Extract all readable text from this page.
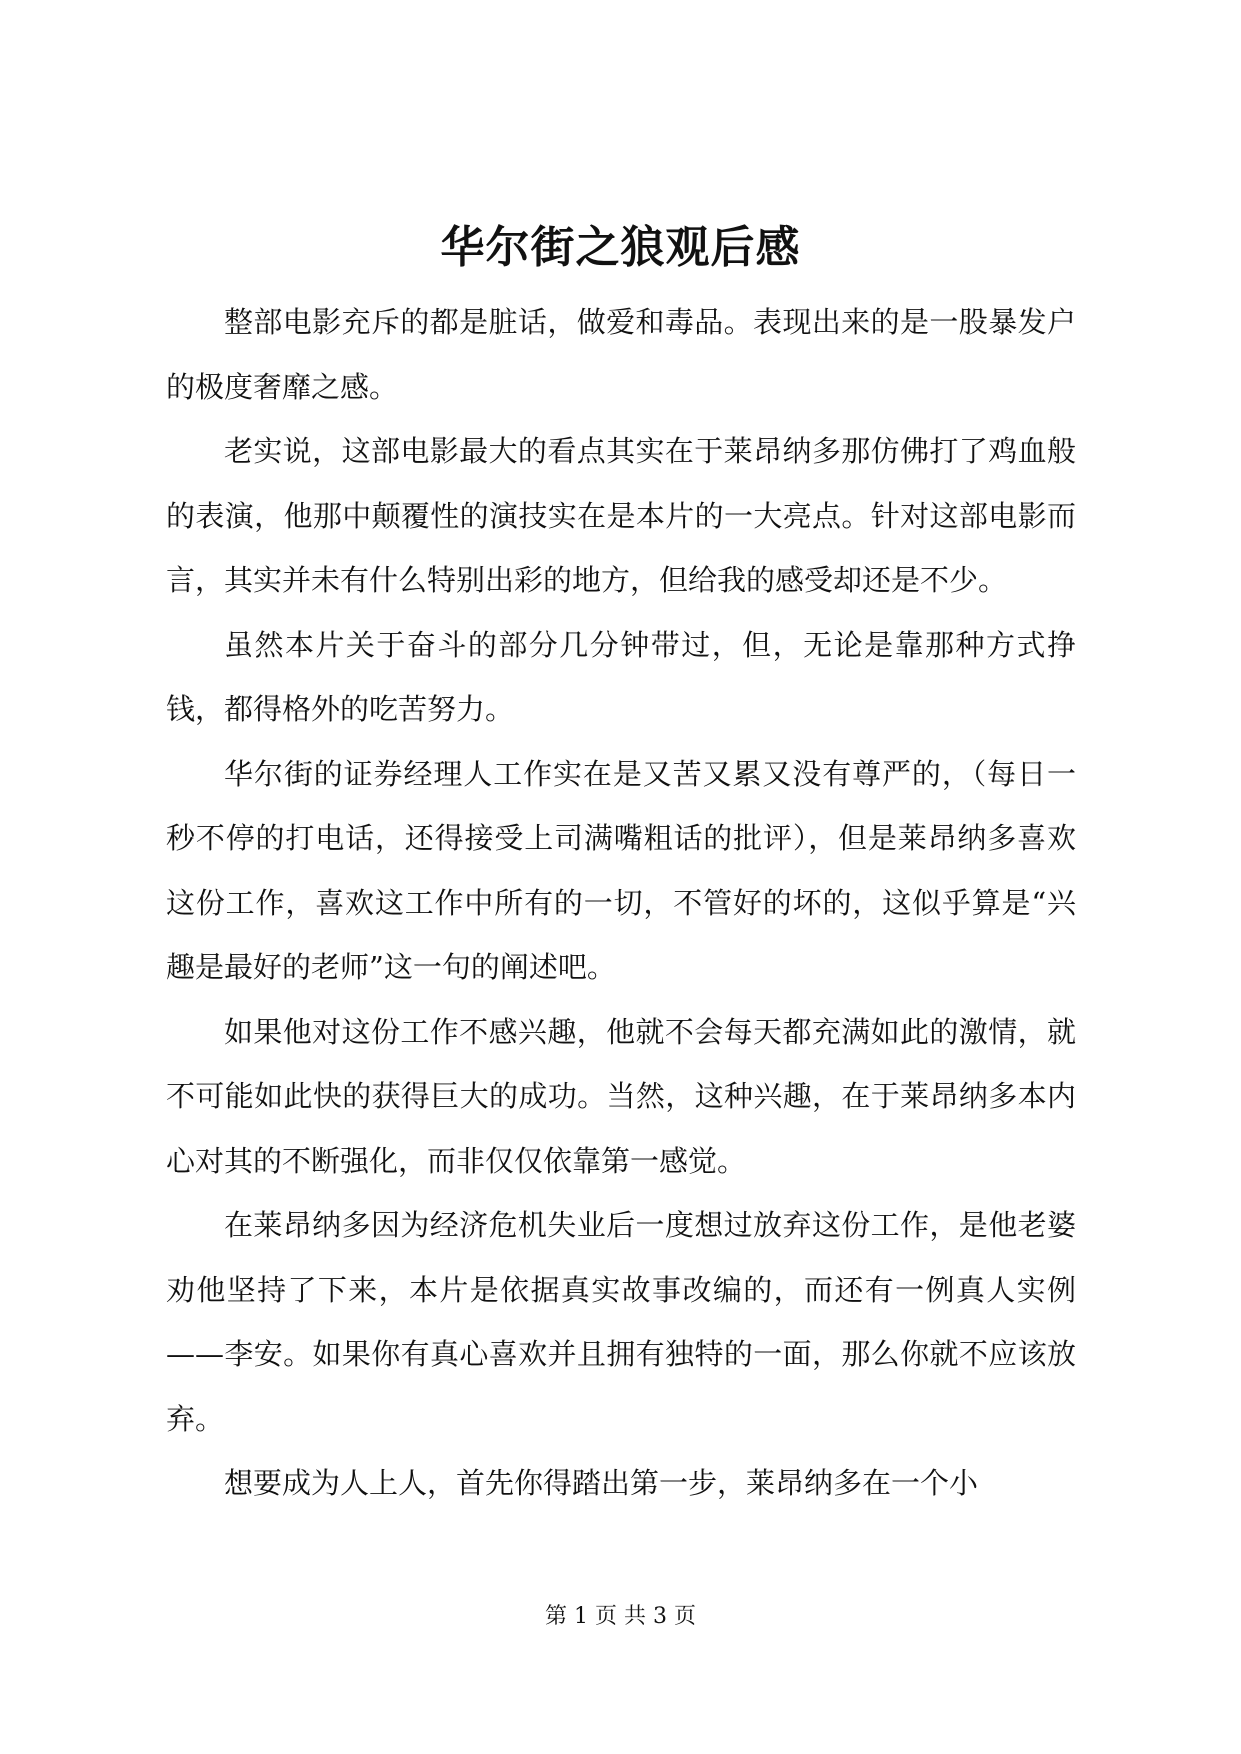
华尔街之狼观后感

整部电影充斥的都是脏话，做爱和毒品。表现出来的是一股暴发户的极度奢靡之感。

老实说，这部电影最大的看点其实在于莱昂纳多那仿佛打了鸡血般的表演，他那中颠覆性的演技实在是本片的一大亮点。针对这部电影而言，其实并未有什么特别出彩的地方，但给我的感受却还是不少。

虽然本片关于奋斗的部分几分钟带过，但，无论是靠那种方式挣钱，都得格外的吃苦努力。

华尔街的证券经理人工作实在是又苦又累又没有尊严的，（每日一秒不停的打电话，还得接受上司满嘴粗话的批评），但是莱昂纳多喜欢这份工作，喜欢这工作中所有的一切，不管好的坏的，这似乎算是“兴趣是最好的老师”这一句的阐述吧。

如果他对这份工作不感兴趣，他就不会每天都充满如此的激情，就不可能如此快的获得巨大的成功。当然，这种兴趣，在于莱昂纳多本内心对其的不断强化，而非仅仅依靠第一感觉。

在莱昂纳多因为经济危机失业后一度想过放弃这份工作，是他老婆劝他坚持了下来，本片是依据真实故事改编的，而还有一例真人实例——李安。如果你有真心喜欢并且拥有独特的一面，那么你就不应该放弃。

想要成为人上人，首先你得踏出第一步，莱昂纳多在一个小

第 1 页 共 3 页
